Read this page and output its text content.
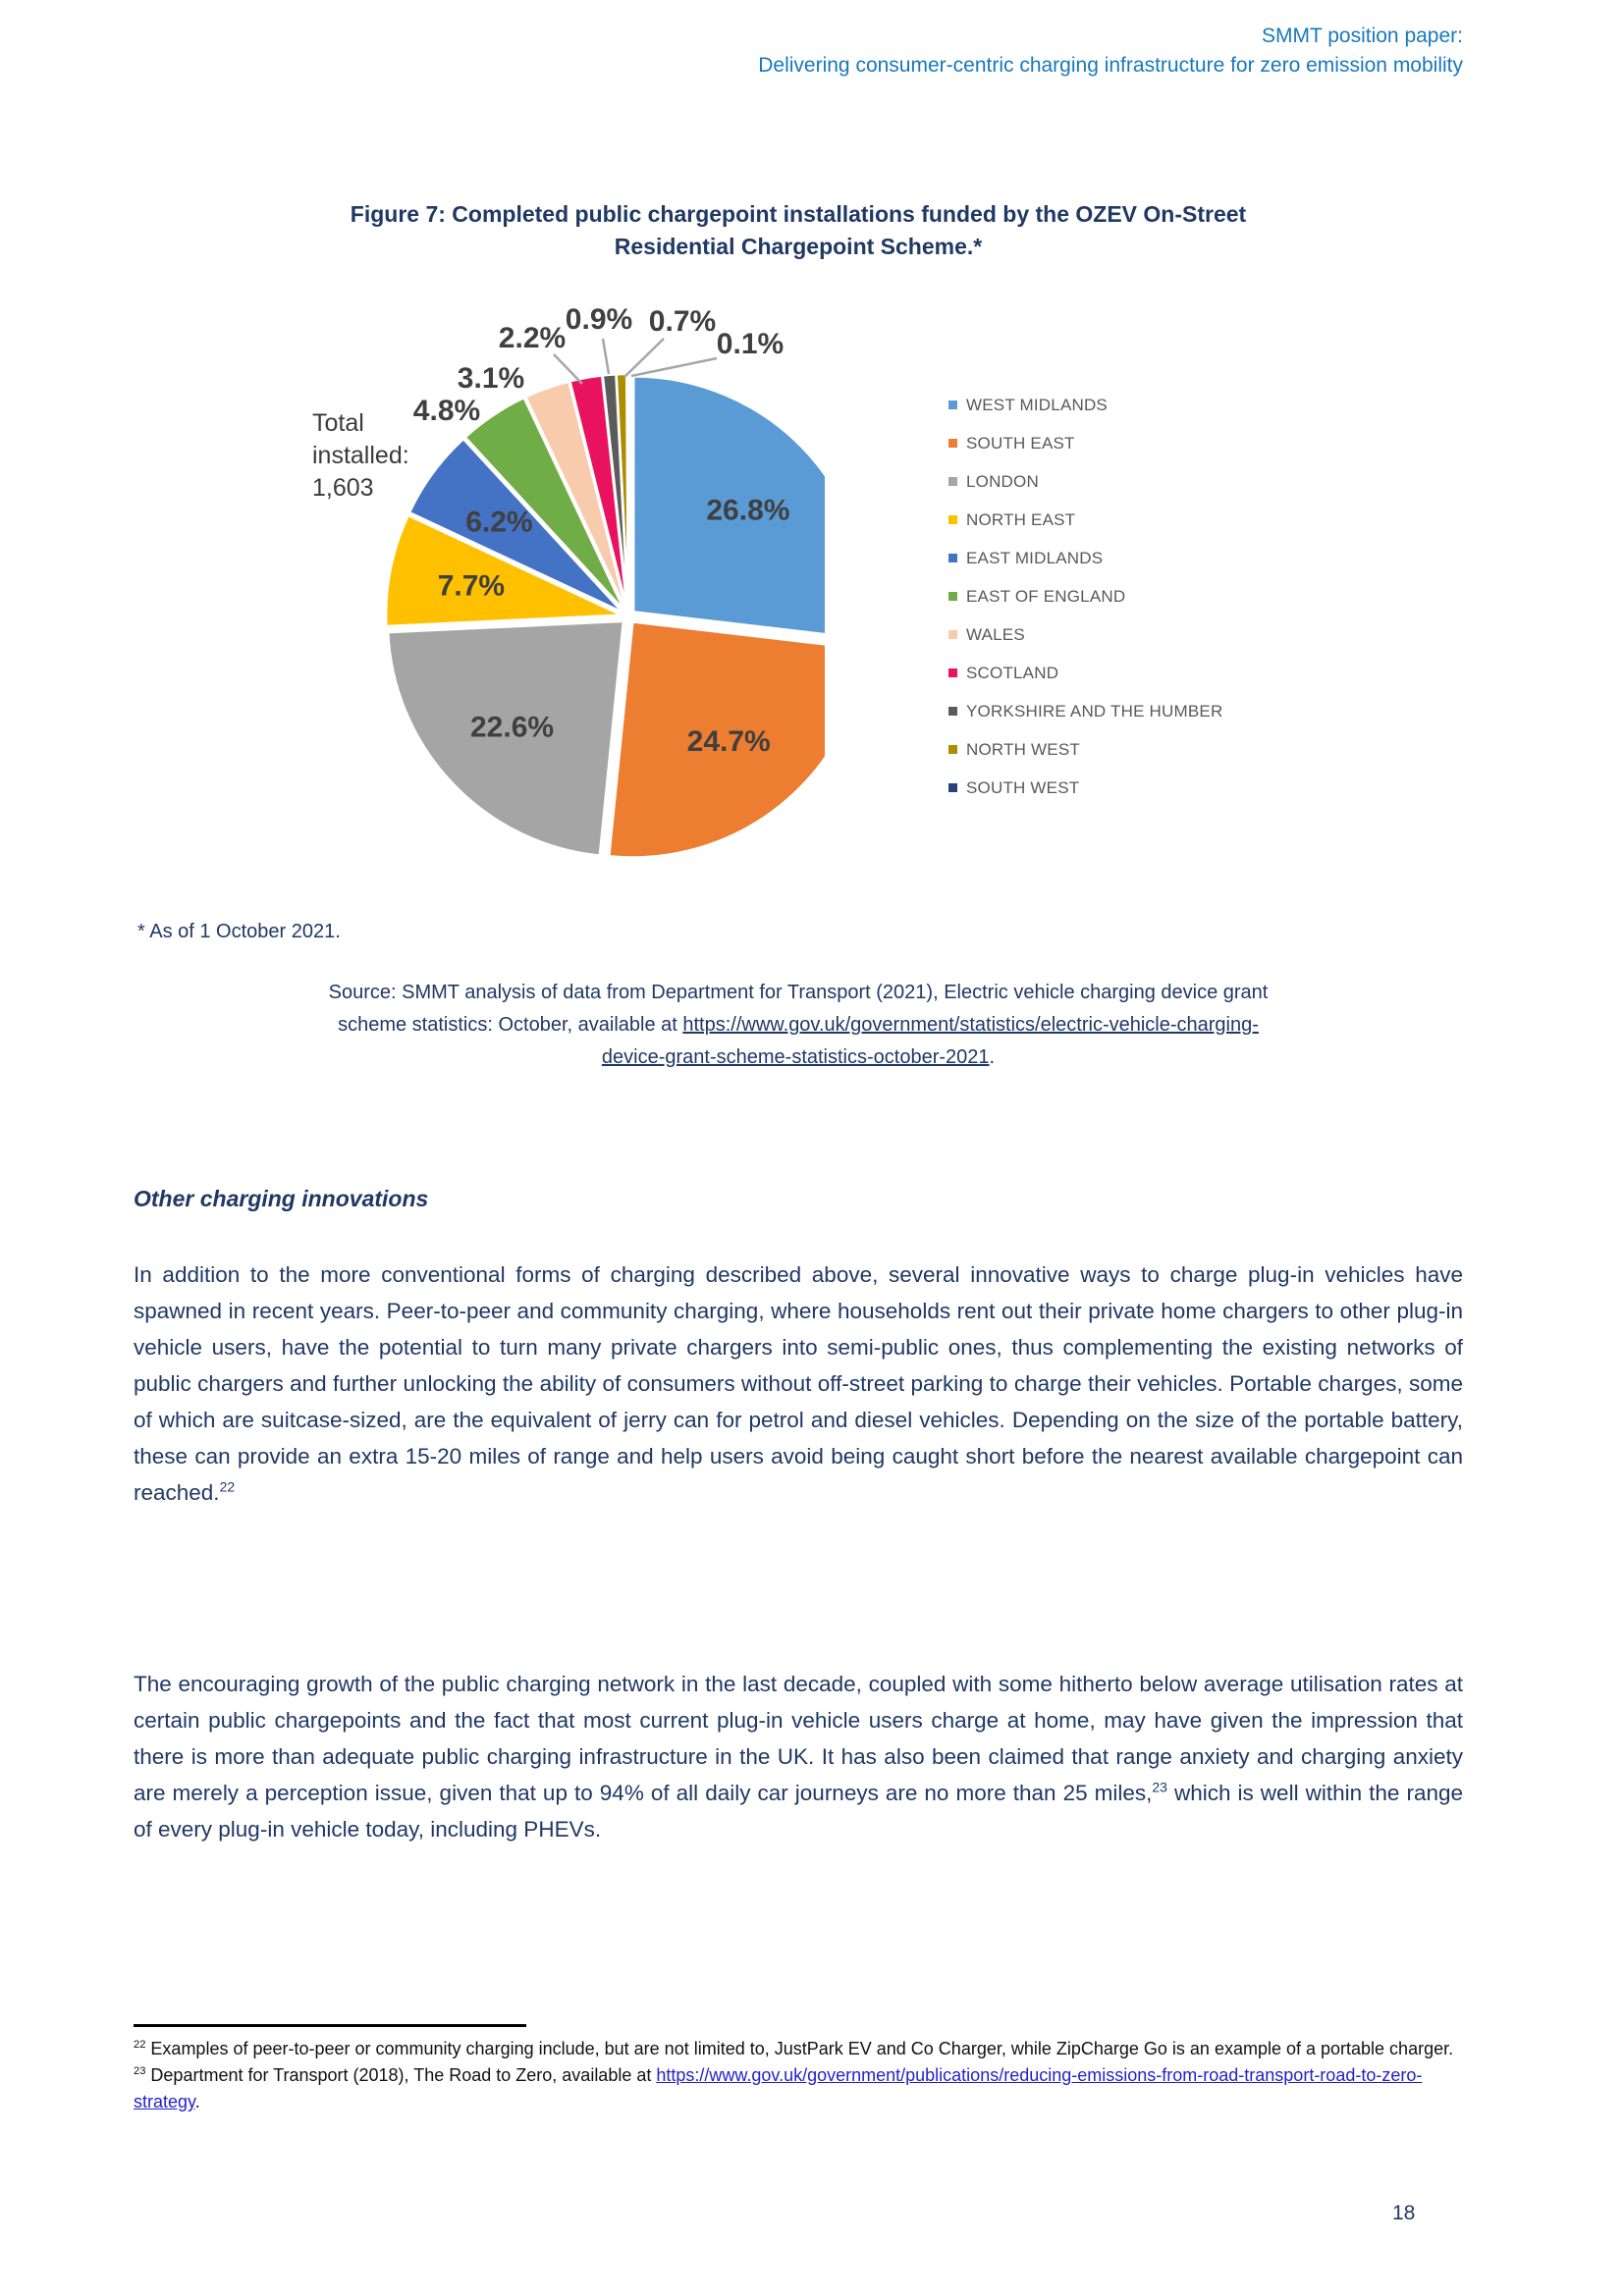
SMMT position paper:
Delivering consumer-centric charging infrastructure for zero emission mobility
Figure 7: Completed public chargepoint installations funded by the OZEV On-Street
Residential Chargepoint Scheme.*
26.8%
24.7%
22.6%
7.7%
6.2%
4.8%
3.1%
2.2%
0.9% 0.7%
0.1%
Total
installed:
1,603
WEST MIDLANDS
SOUTH EAST
LONDON
NORTH EAST
EAST MIDLANDS
EAST OF ENGLAND
WALES
SCOTLAND
YORKSHIRE AND THE HUMBER
NORTH WEST
SOUTH WEST
* As of 1 October 2021.
Source: SMMT analysis of data from Department for Transport (2021), Electric vehicle charging device grant
scheme statistics: October, available at https://www.gov.uk/government/statistics/electric-vehicle-charging-
device-grant-scheme-statistics-october-2021.
Other charging innovations

In addition to the more conventional forms of charging described above, several innovative ways to charge plug-in vehicles have spawned in recent years. Peer-to-peer and community charging, where households rent out their private home chargers to other plug-in vehicle users, have the potential to turn many private chargers into semi-public ones, thus complementing the existing networks of public chargers and further unlocking the ability of consumers without off-street parking to charge their vehicles. Portable charges, some of which are suitcase-sized, are the equivalent of jerry can for petrol and diesel vehicles. Depending on the size of the portable battery, these can provide an extra 15-20 miles of range and help users avoid being caught short before the nearest available chargepoint can reached.$^{22}$

The encouraging growth of the public charging network in the last decade, coupled with some hitherto below average utilisation rates at certain public chargepoints and the fact that most current plug-in vehicle users charge at home, may have given the impression that there is more than adequate public charging infrastructure in the UK. It has also been claimed that range anxiety and charging anxiety are merely a perception issue, given that up to 94% of all daily car journeys are no more than 25 miles,$^{23}$ which is well within the range of every plug-in vehicle today, including PHEVs.

$^{22}$ Examples of peer-to-peer or community charging include, but are not limited to, JustPark EV and Co Charger, while ZipCharge Go is an example of a portable charger.
$^{23}$ Department for Transport (2018), The Road to Zero, available at https://www.gov.uk/government/publications/reducing-emissions-from-road-transport-road-to-zero-strategy.
18
